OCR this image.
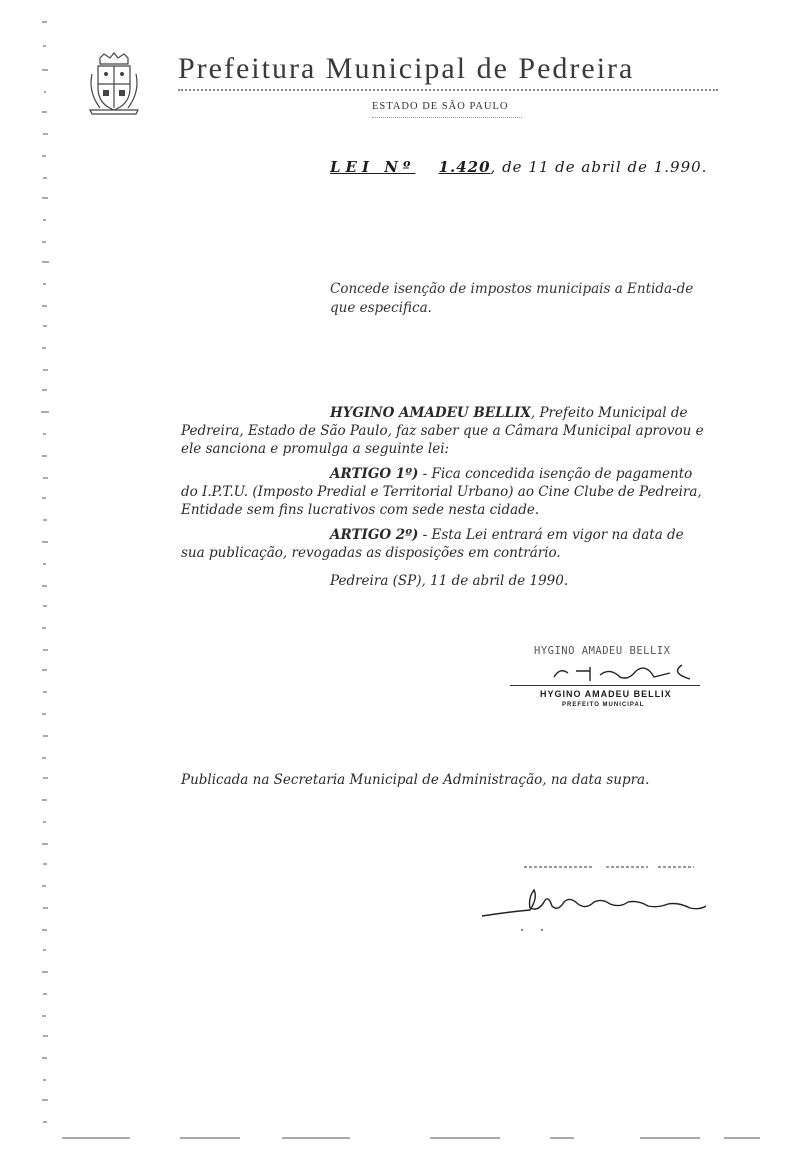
Prefeitura Municipal de Pedreira
ESTADO DE SÃO PAULO
LEI Nº 1.420, de 11 de abril de 1.990.
Concede isenção de impostos municipais a Entida-de que especifica.

HYGINO AMADEU BELLIX, Prefeito Municipal de Pedreira, Estado de São Paulo, faz saber que a Câmara Municipal aprovou e ele sanciona e promulga a seguinte lei:

ARTIGO 1º) - Fica concedida isenção de pagamento do I.P.T.U. (Imposto Predial e Territorial Urbano) ao Cine Clube de Pedreira, Entidade sem fins lucrativos com sede nesta cidade.

ARTIGO 2º) - Esta Lei entrará em vigor na data de sua publicação, revogadas as disposições em contrário.

Pedreira (SP), 11 de abril de 1990.

HYGINO AMADEU BELLIX
HYGINO AMADEU BELLIX
PREFEITO MUNICIPAL
Publicada na Secretaria Municipal de Administração, na data supra.
